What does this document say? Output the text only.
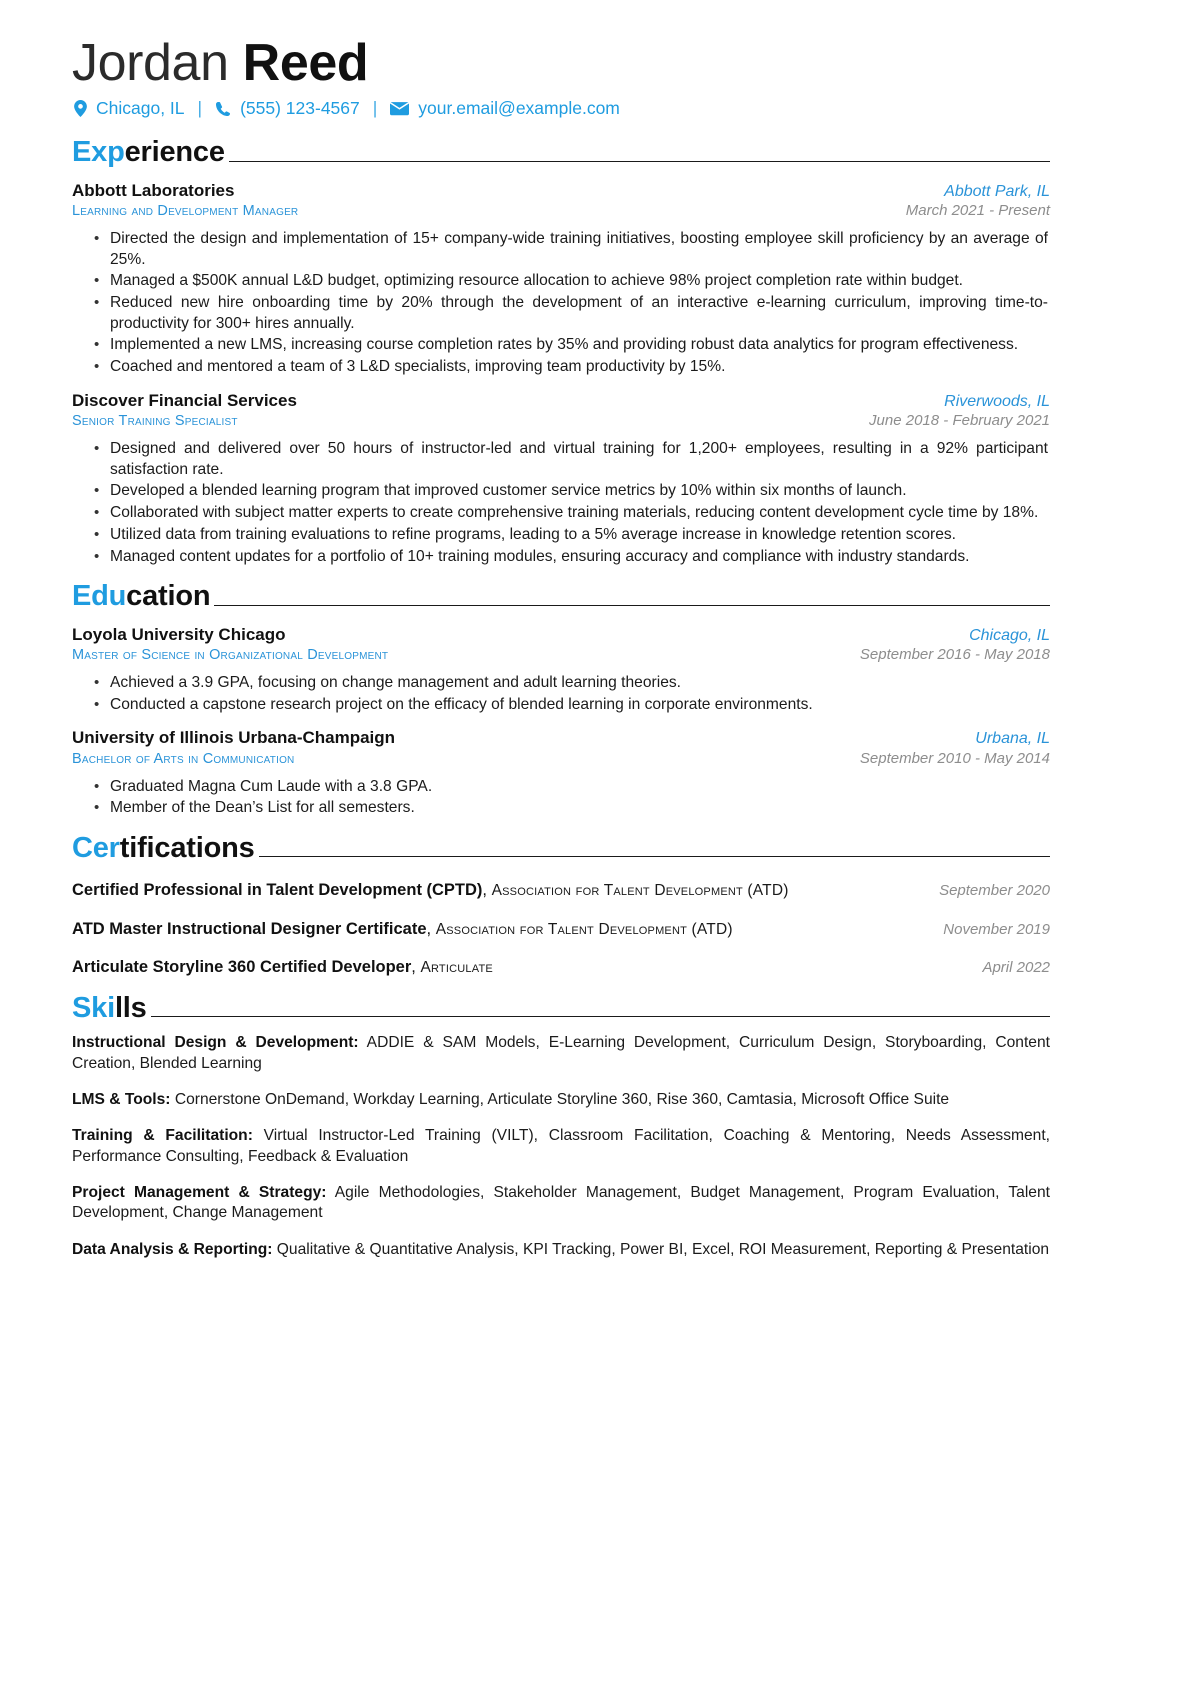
Jordan Reed
Chicago, IL | (555) 123-4567 | your.email@example.com
Experience
Abbott Laboratories	Abbott Park, IL
Learning and Development Manager	March 2021 - Present
• Directed the design and implementation of 15+ company-wide training initiatives, boosting employee skill proficiency by an average of 25%.
• Managed a $500K annual L&D budget, optimizing resource allocation to achieve 98% project completion rate within budget.
• Reduced new hire onboarding time by 20% through the development of an interactive e-learning curriculum, improving time-to-productivity for 300+ hires annually.
• Implemented a new LMS, increasing course completion rates by 35% and providing robust data analytics for program effectiveness.
• Coached and mentored a team of 3 L&D specialists, improving team productivity by 15%.
Discover Financial Services	Riverwoods, IL
Senior Training Specialist	June 2018 - February 2021
• Designed and delivered over 50 hours of instructor-led and virtual training for 1,200+ employees, resulting in a 92% participant satisfaction rate.
• Developed a blended learning program that improved customer service metrics by 10% within six months of launch.
• Collaborated with subject matter experts to create comprehensive training materials, reducing content development cycle time by 18%.
• Utilized data from training evaluations to refine programs, leading to a 5% average increase in knowledge retention scores.
• Managed content updates for a portfolio of 10+ training modules, ensuring accuracy and compliance with industry standards.
Education
Loyola University Chicago	Chicago, IL
Master of Science in Organizational Development	September 2016 - May 2018
• Achieved a 3.9 GPA, focusing on change management and adult learning theories.
• Conducted a capstone research project on the efficacy of blended learning in corporate environments.
University of Illinois Urbana-Champaign	Urbana, IL
Bachelor of Arts in Communication	September 2010 - May 2014
• Graduated Magna Cum Laude with a 3.8 GPA.
• Member of the Dean’s List for all semesters.
Certifications
Certified Professional in Talent Development (CPTD), Association for Talent Development (ATD)	September 2020
ATD Master Instructional Designer Certificate, Association for Talent Development (ATD)	November 2019
Articulate Storyline 360 Certified Developer, Articulate	April 2022
Skills

Instructional Design & Development: ADDIE & SAM Models, E-Learning Development, Curriculum Design, Storyboarding, Content Creation, Blended Learning

LMS & Tools: Cornerstone OnDemand, Workday Learning, Articulate Storyline 360, Rise 360, Camtasia, Microsoft Office Suite

Training & Facilitation: Virtual Instructor-Led Training (VILT), Classroom Facilitation, Coaching & Mentoring, Needs Assessment, Performance Consulting, Feedback & Evaluation

Project Management & Strategy: Agile Methodologies, Stakeholder Management, Budget Management, Program Evaluation, Talent Development, Change Management

Data Analysis & Reporting: Qualitative & Quantitative Analysis, KPI Tracking, Power BI, Excel, ROI Measurement, Reporting & Presentation
